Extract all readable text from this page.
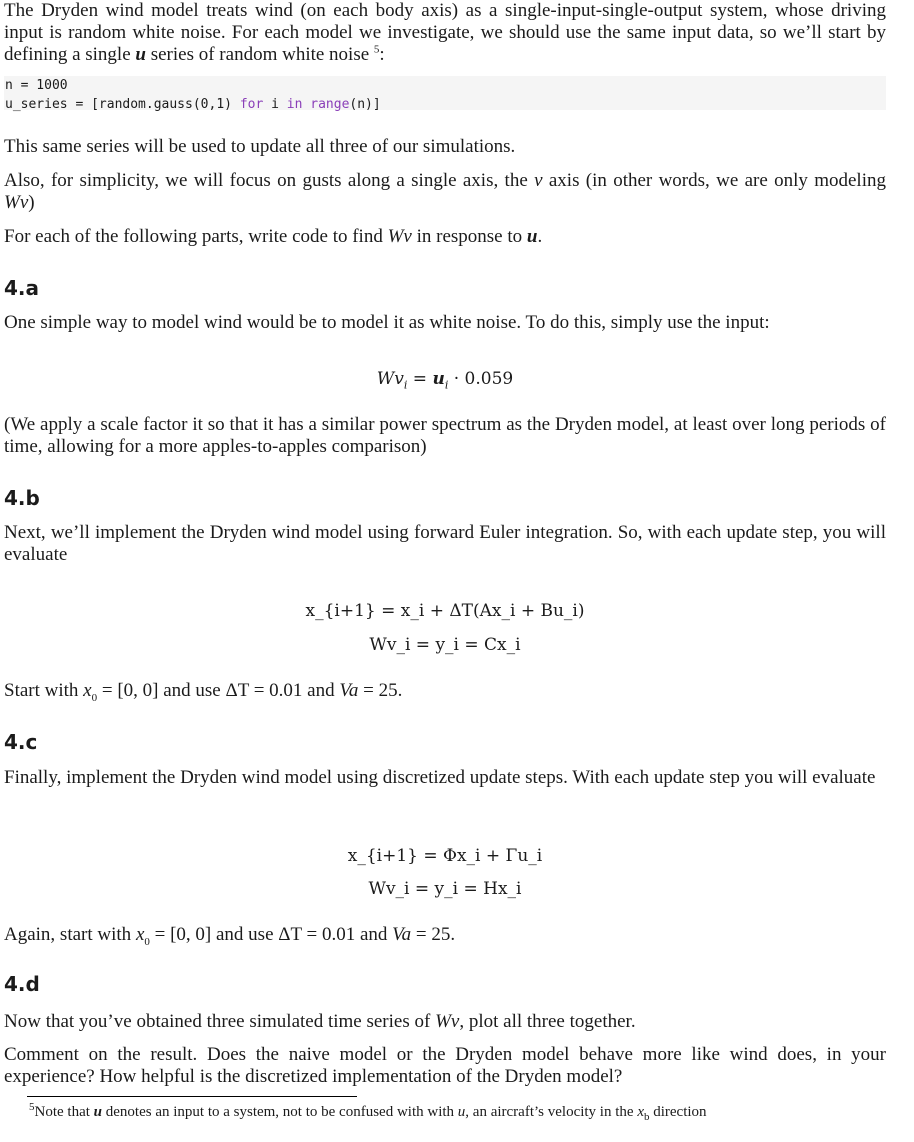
The Dryden wind model treats wind (on each body axis) as a single-input-single-output system, whose driving input is random white noise. For each model we investigate, we should use the same input data, so we’ll start by defining a single u series of random white noise $^5$:

n = 1000
u_series = [random.gauss(0,1) for i in range(n)]

This same series will be used to update all three of our simulations.

Also, for simplicity, we will focus on gusts along a single axis, the v axis (in other words, we are only modeling Wv)

For each of the following parts, write code to find Wv in response to u.

4.a

One simple way to model wind would be to model it as white noise. To do this, simply use the input:

$Wv_i = u_i \cdot 0.059$

(We apply a scale factor it so that it has a similar power spectrum as the Dryden model, at least over long periods of time, allowing for a more apples-to-apples comparison)

4.b

Next, we’ll implement the Dryden wind model using forward Euler integration. So, with each update step, you will evaluate

x_{i+1} = x_i + ΔT(Ax_i + Bu_i)
Wv_i = y_i = Cx_i

Start with $x_0 = [0$, 0] and use ΔT = 0.01 and Va = 25.

4.c

Finally, implement the Dryden wind model using discretized update steps. With each update step you will evaluate

x_{i+1} = Φx_i + Γu_i
Wv_i = y_i = Hx_i

Again, start with $x_0 = [0$, 0] and use ΔT = 0.01 and Va = 25.

4.d

Now that you’ve obtained three simulated time series of Wv, plot all three together.

Comment on the result. Does the naive model or the Dryden model behave more like wind does, in your experience? How helpful is the discretized implementation of the Dryden model?

$^5$Note that u denotes an input to a system, not to be confused with with u, an aircraft’s velocity in the $x_b$ direction
